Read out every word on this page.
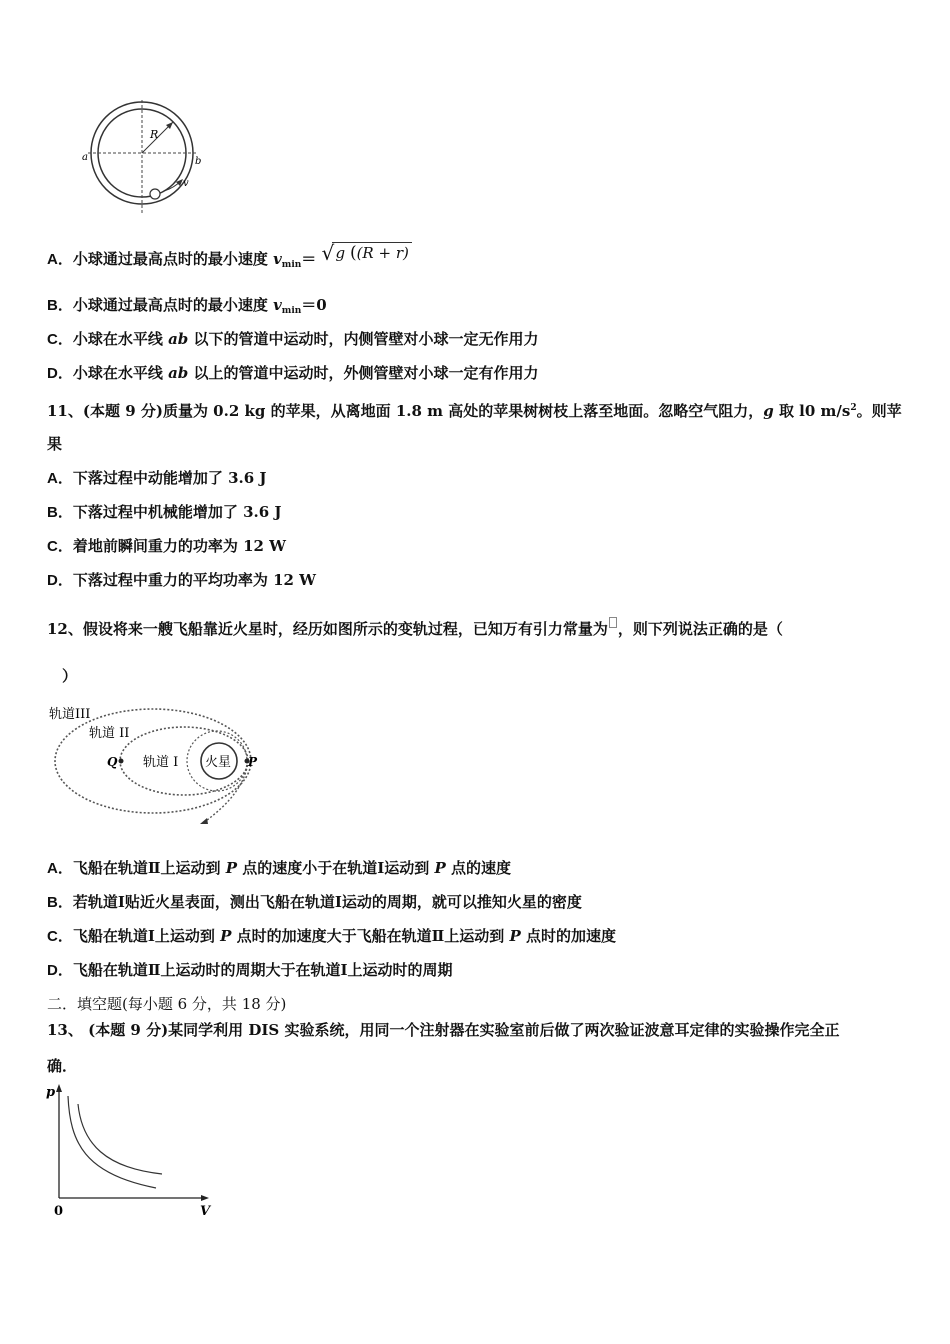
R
a	b
v
A．小球通过最高点时的最小速度 $v_{min}=$ √ g ((R + r)
B．小球通过最高点时的最小速度 $v_{min}=0$
C．小球在水平线 ab 以下的管道中运动时，内侧管壁对小球一定无作用力
D．小球在水平线 ab 以上的管道中运动时，外侧管壁对小球一定有作用力
11、(本题 9 分)质量为 0.2 kg 的苹果，从离地面 1.8 m 高处的苹果树树枝上落至地面。忽略空气阻力，g 取 l0 $m/s^2$。则苹
果
A．下落过程中动能增加了 3.6 J
B．下落过程中机械能增加了 3.6 J
C．着地前瞬间重力的功率为 12 W
D．下落过程中重力的平均功率为 12 W
12、假设将来一艘飞船靠近火星时，经历如图所示的变轨过程，已知万有引力常量为 ，则下列说法正确的是（
）
轨道III
轨道 II
轨道 I 火星
Q	P
A．飞船在轨道Ⅱ上运动到 P 点的速度小于在轨道Ⅰ运动到 P 点的速度
B．若轨道Ⅰ贴近火星表面，测出飞船在轨道Ⅰ运动的周期，就可以推知火星的密度
C．飞船在轨道Ⅰ上运动到 P 点时的加速度大于飞船在轨道Ⅱ上运动到 P 点时的加速度
D．飞船在轨道Ⅱ上运动时的周期大于在轨道Ⅰ上运动时的周期
二．填空题(每小题 6 分，共 18 分)
13、 (本题 9 分)某同学利用 DIS 实验系统，用同一个注射器在实验室前后做了两次验证波意耳定律的实验操作完全正
确．
p
V
0
